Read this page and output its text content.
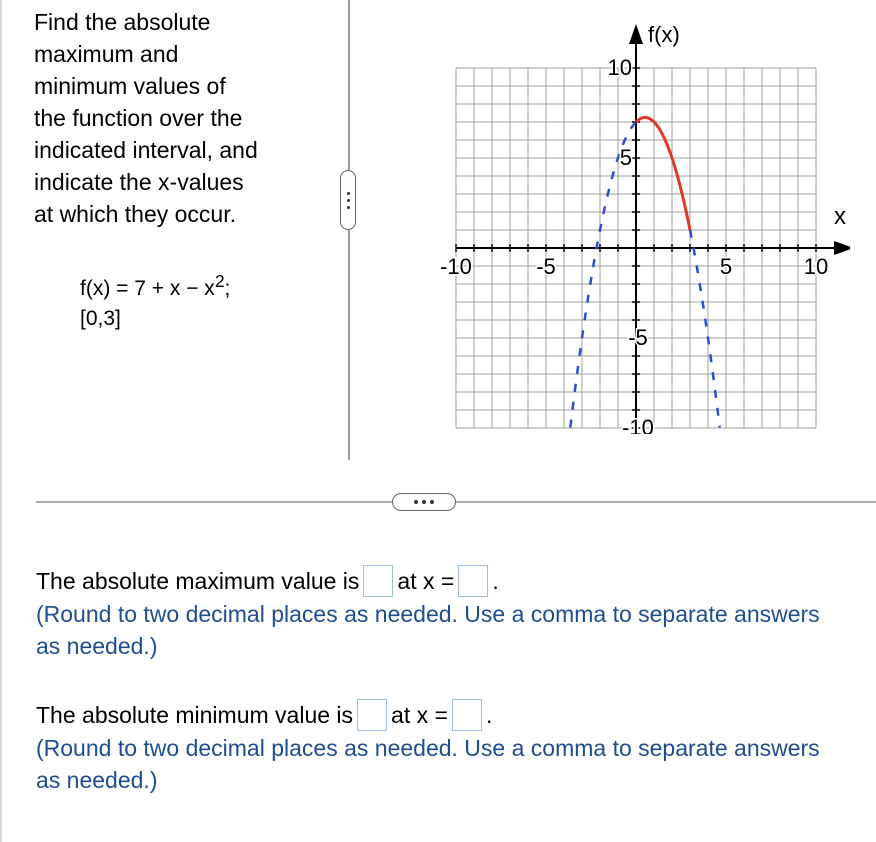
Find the absolute
maximum and
minimum values of
the function over the
indicated interval, and
indicate the x-values
at which they occur.
$f(x) = 7 + x - x^2$;
[0,3]
-10	-5	5	10
10
5
-5
-10
f(x)
x
The absolute maximum value is at x = .
(Round to two decimal places as needed. Use a comma to separate answers as needed.)
The absolute minimum value is at x = .
(Round to two decimal places as needed. Use a comma to separate answers as needed.)
